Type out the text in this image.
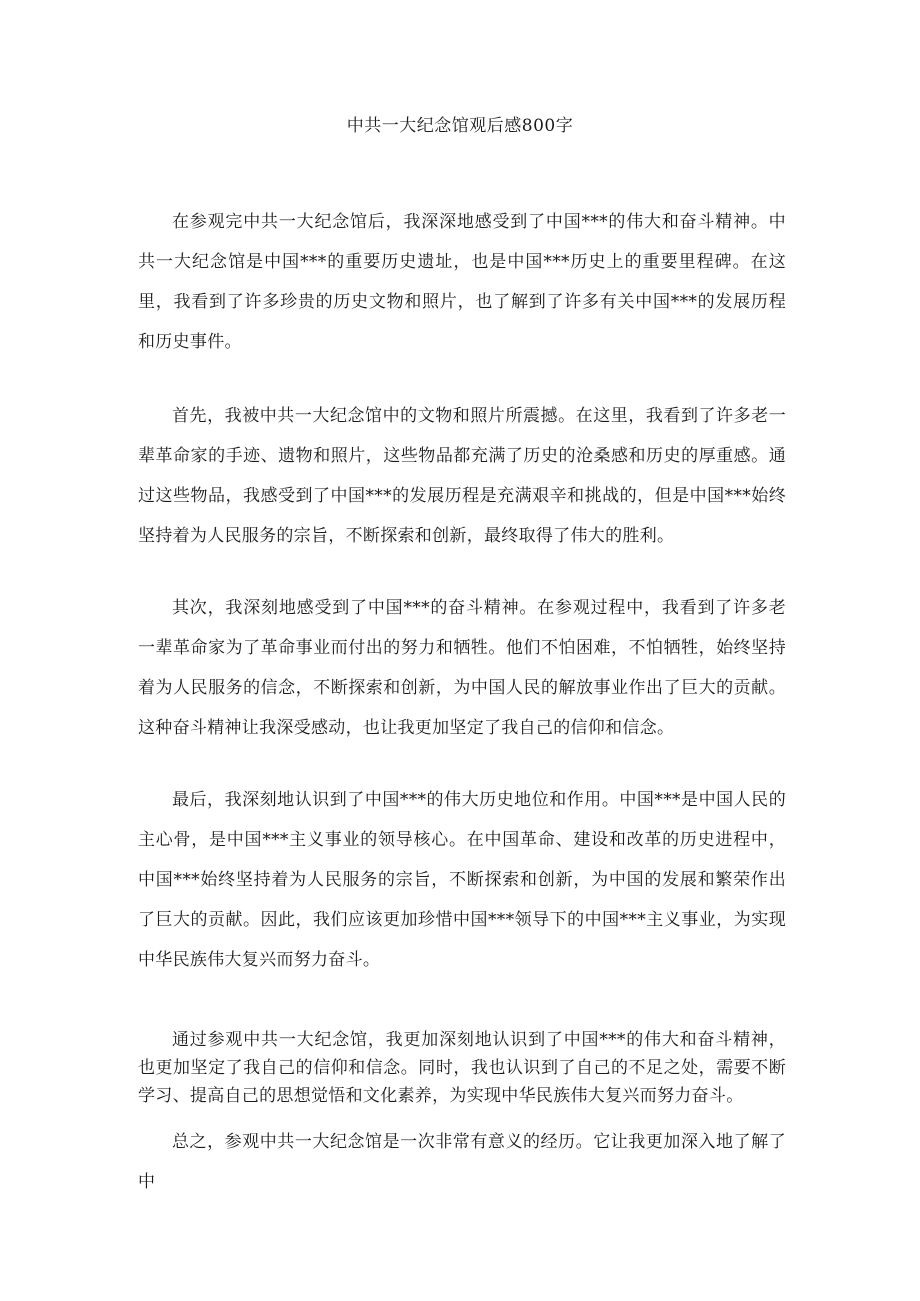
中共一大纪念馆观后感800字

在参观完中共一大纪念馆后，我深深地感受到了中国***的伟大和奋斗精神。中共一大纪念馆是中国***的重要历史遗址，也是中国***历史上的重要里程碑。在这里，我看到了许多珍贵的历史文物和照片，也了解到了许多有关中国***的发展历程和历史事件。

首先，我被中共一大纪念馆中的文物和照片所震撼。在这里，我看到了许多老一辈革命家的手迹、遗物和照片，这些物品都充满了历史的沧桑感和历史的厚重感。通过这些物品，我感受到了中国***的发展历程是充满艰辛和挑战的，但是中国***始终坚持着为人民服务的宗旨，不断探索和创新，最终取得了伟大的胜利。

其次，我深刻地感受到了中国***的奋斗精神。在参观过程中，我看到了许多老一辈革命家为了革命事业而付出的努力和牺牲。他们不怕困难，不怕牺牲，始终坚持着为人民服务的信念，不断探索和创新，为中国人民的解放事业作出了巨大的贡献。这种奋斗精神让我深受感动，也让我更加坚定了我自己的信仰和信念。

最后，我深刻地认识到了中国***的伟大历史地位和作用。中国***是中国人民的主心骨，是中国***主义事业的领导核心。在中国革命、建设和改革的历史进程中，中国***始终坚持着为人民服务的宗旨，不断探索和创新，为中国的发展和繁荣作出了巨大的贡献。因此，我们应该更加珍惜中国***领导下的中国***主义事业，为实现中华民族伟大复兴而努力奋斗。

通过参观中共一大纪念馆，我更加深刻地认识到了中国***的伟大和奋斗精神，也更加坚定了我自己的信仰和信念。同时，我也认识到了自己的不足之处，需要不断学习、提高自己的思想觉悟和文化素养，为实现中华民族伟大复兴而努力奋斗。

总之，参观中共一大纪念馆是一次非常有意义的经历。它让我更加深入地了解了中
